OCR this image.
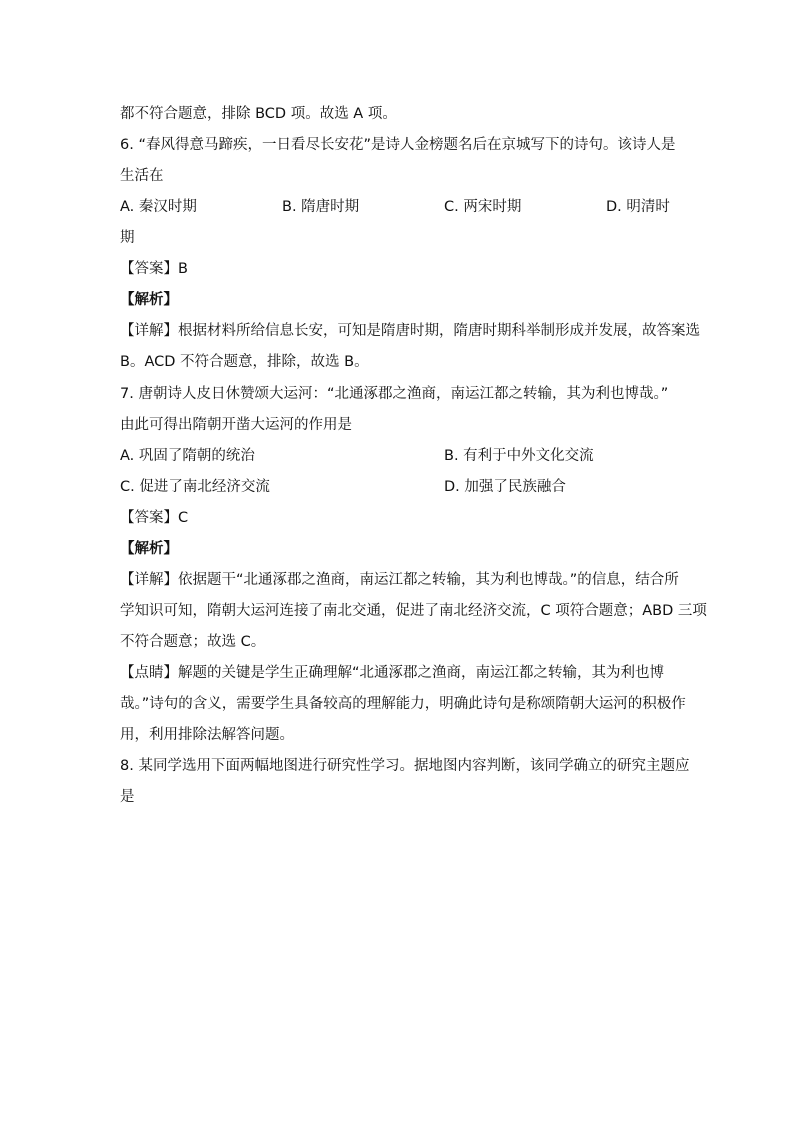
都不符合题意，排除 BCD 项。故选 A 项。
6. “春风得意马蹄疾，一日看尽长安花”是诗人金榜题名后在京城写下的诗句。该诗人是
生活在
A. 秦汉时期	B. 隋唐时期	C. 两宋时期	D. 明清时
期
【答案】B
【解析】
【详解】根据材料所给信息长安，可知是隋唐时期，隋唐时期科举制形成并发展，故答案选
B。ACD 不符合题意，排除，故选 B。
7. 唐朝诗人皮日休赞颂大运河：“北通涿郡之渔商，南运江都之转输，其为利也博哉。”
由此可得出隋朝开凿大运河的作用是
A. 巩固了隋朝的统治	B. 有利于中外文化交流
C. 促进了南北经济交流	D. 加强了民族融合
【答案】C
【解析】
【详解】依据题干“北通涿郡之渔商，南运江都之转输，其为利也博哉。”的信息，结合所
学知识可知，隋朝大运河连接了南北交通，促进了南北经济交流，C 项符合题意；ABD 三项
不符合题意；故选 C。
【点睛】解题的关键是学生正确理解“北通涿郡之渔商，南运江都之转输，其为利也博
哉。”诗句的含义，需要学生具备较高的理解能力，明确此诗句是称颂隋朝大运河的积极作
用，利用排除法解答问题。
8. 某同学选用下面两幅地图进行研究性学习。据地图内容判断，该同学确立的研究主题应
是
